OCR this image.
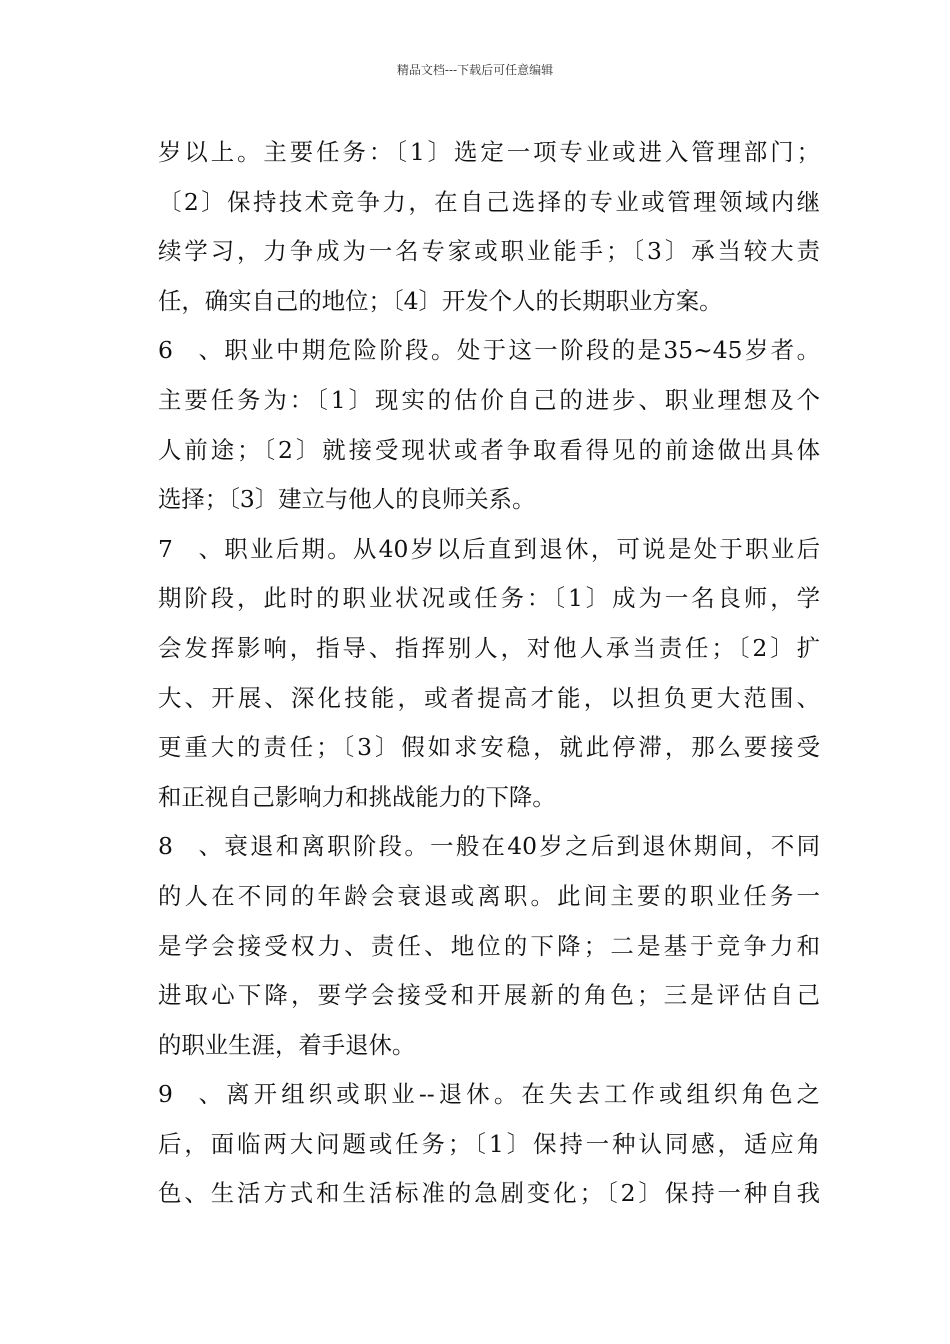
精品文档---下载后可任意编辑
岁以上。主要任务：〔1〕选定一项专业或进入管理部门；
〔2〕保持技术竞争力，在自己选择的专业或管理领域内继
续学习，力争成为一名专家或职业能手；〔3〕承当较大责
任，确实自己的地位；〔4〕开发个人的长期职业方案。
6、职业中期危险阶段。处于这一阶段的是35~45岁者。
主要任务为：〔1〕现实的估价自己的进步、职业理想及个
人前途；〔2〕就接受现状或者争取看得见的前途做出具体
选择；〔3〕建立与他人的良师关系。
7、职业后期。从40岁以后直到退休，可说是处于职业后
期阶段，此时的职业状况或任务：〔1〕成为一名良师，学
会发挥影响，指导、指挥别人，对他人承当责任；〔2〕扩
大、开展、深化技能，或者提高才能，以担负更大范围、
更重大的责任；〔3〕假如求安稳，就此停滞，那么要接受
和正视自己影响力和挑战能力的下降。
8、衰退和离职阶段。一般在40岁之后到退休期间，不同
的人在不同的年龄会衰退或离职。此间主要的职业任务一
是学会接受权力、责任、地位的下降；二是基于竞争力和
进取心下降，要学会接受和开展新的角色；三是评估自己
的职业生涯，着手退休。
9、离开组织或职业--退休。在失去工作或组织角色之
后，面临两大问题或任务；〔1〕保持一种认同感，适应角
色、生活方式和生活标准的急剧变化；〔2〕保持一种自我
